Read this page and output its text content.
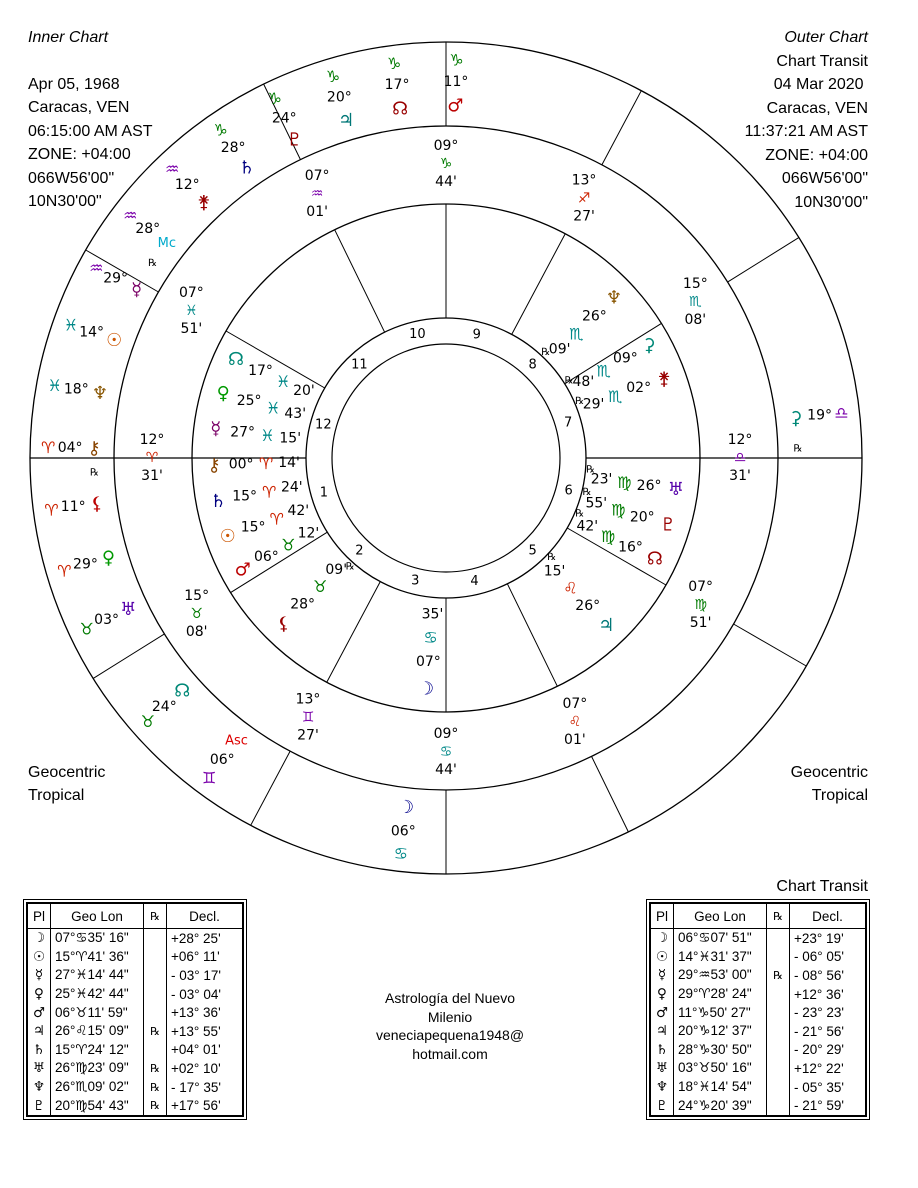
Inner Chart
Apr 05, 1968
Caracas, VEN
06:15:00 AM AST
ZONE: +04:00
066W56'00"
10N30'00"
Outer Chart
Chart Transit
04 Mar 2020
Caracas, VEN
11:37:21 AM AST
ZONE: +04:00
066W56'00"
10N30'00"
Geocentric
Tropical
Geocentric
Tropical
12°
♈
31'
15°
♉
08'
13°
♊
27'	09°
♋
44'
07°
♌
01'
07°
♍
51'
12°
♎
31'
15°
♏
08'
13°
♐
27'
09°
♑
44'
07°
♒
01'
07°
♓
51'
1
2
3	4
5
6
7
8
9
10
11
12
☽
07°
♋
35'
♃
26°
♌
15'
℞
♅
26°
♍
23'
℞
♇
20°
♍
55'
℞
☊
16°
♍
42'
℞
♆
26°
♏
09'
℞	⚳
09°
♏
48'
℞	⚵
02°
♏
29'
℞
☉ 15° ♈ 42'
♄ 15° ♈ 24'
♂
06°
♉
12'
⚸
28°
♉
09'
℞
⚷ 00° ♈ 14'
☿ 27° ♓ 15'
♀ 25° ♓ 43'
☊
17°
♓
20'
☽
06°
♋
♃
20°
♑
♇
24°
♑
♄
28°
♑
☊
17°
♑
♂
11°
♑
⚵
12°
♒
Mc
28°
♒
☿
29°
♒	℞
☉
14°
♓
♆
18°
♓
⚷
04°
♈
⚸
11°
♈
℞
♀
29°
♈
♅
03°
♉
☊
24°
♉
Asc
06°
♊
⚳ 19° ♎
℞
Pl	Geo Lon	℞	Decl.
☽	07°♋35' 16"		+28° 25'
☉	15°♈41' 36"		+06° 11'
☿	27°♓14' 44"		- 03° 17'
♀	25°♓42' 44"		- 03° 04'
♂	06°♉11' 59"		+13° 36'
♃	26°♌15' 09"	℞	+13° 55'
♄	15°♈24' 12"		+04° 01'
♅	26°♍23' 09"	℞	+02° 10'
♆	26°♏09' 02"	℞	- 17° 35'
♇	20°♍54' 43"	℞	+17° 56'
Chart Transit
Pl	Geo Lon	℞	Decl.
☽	06°♋07' 51"		+23° 19'
☉	14°♓31' 37"		- 06° 05'
☿	29°♒53' 00"	℞	- 08° 56'
♀	29°♈28' 24"		+12° 36'
♂	11°♑50' 27"		- 23° 23'
♃	20°♑12' 37"		- 21° 56'
♄	28°♑30' 50"		- 20° 29'
♅	03°♉50' 16"		+12° 22'
♆	18°♓14' 54"		- 05° 35'
♇	24°♑20' 39"		- 21° 59'
Astrología del Nuevo
Milenio
veneciapequena1948@
hotmail.com
